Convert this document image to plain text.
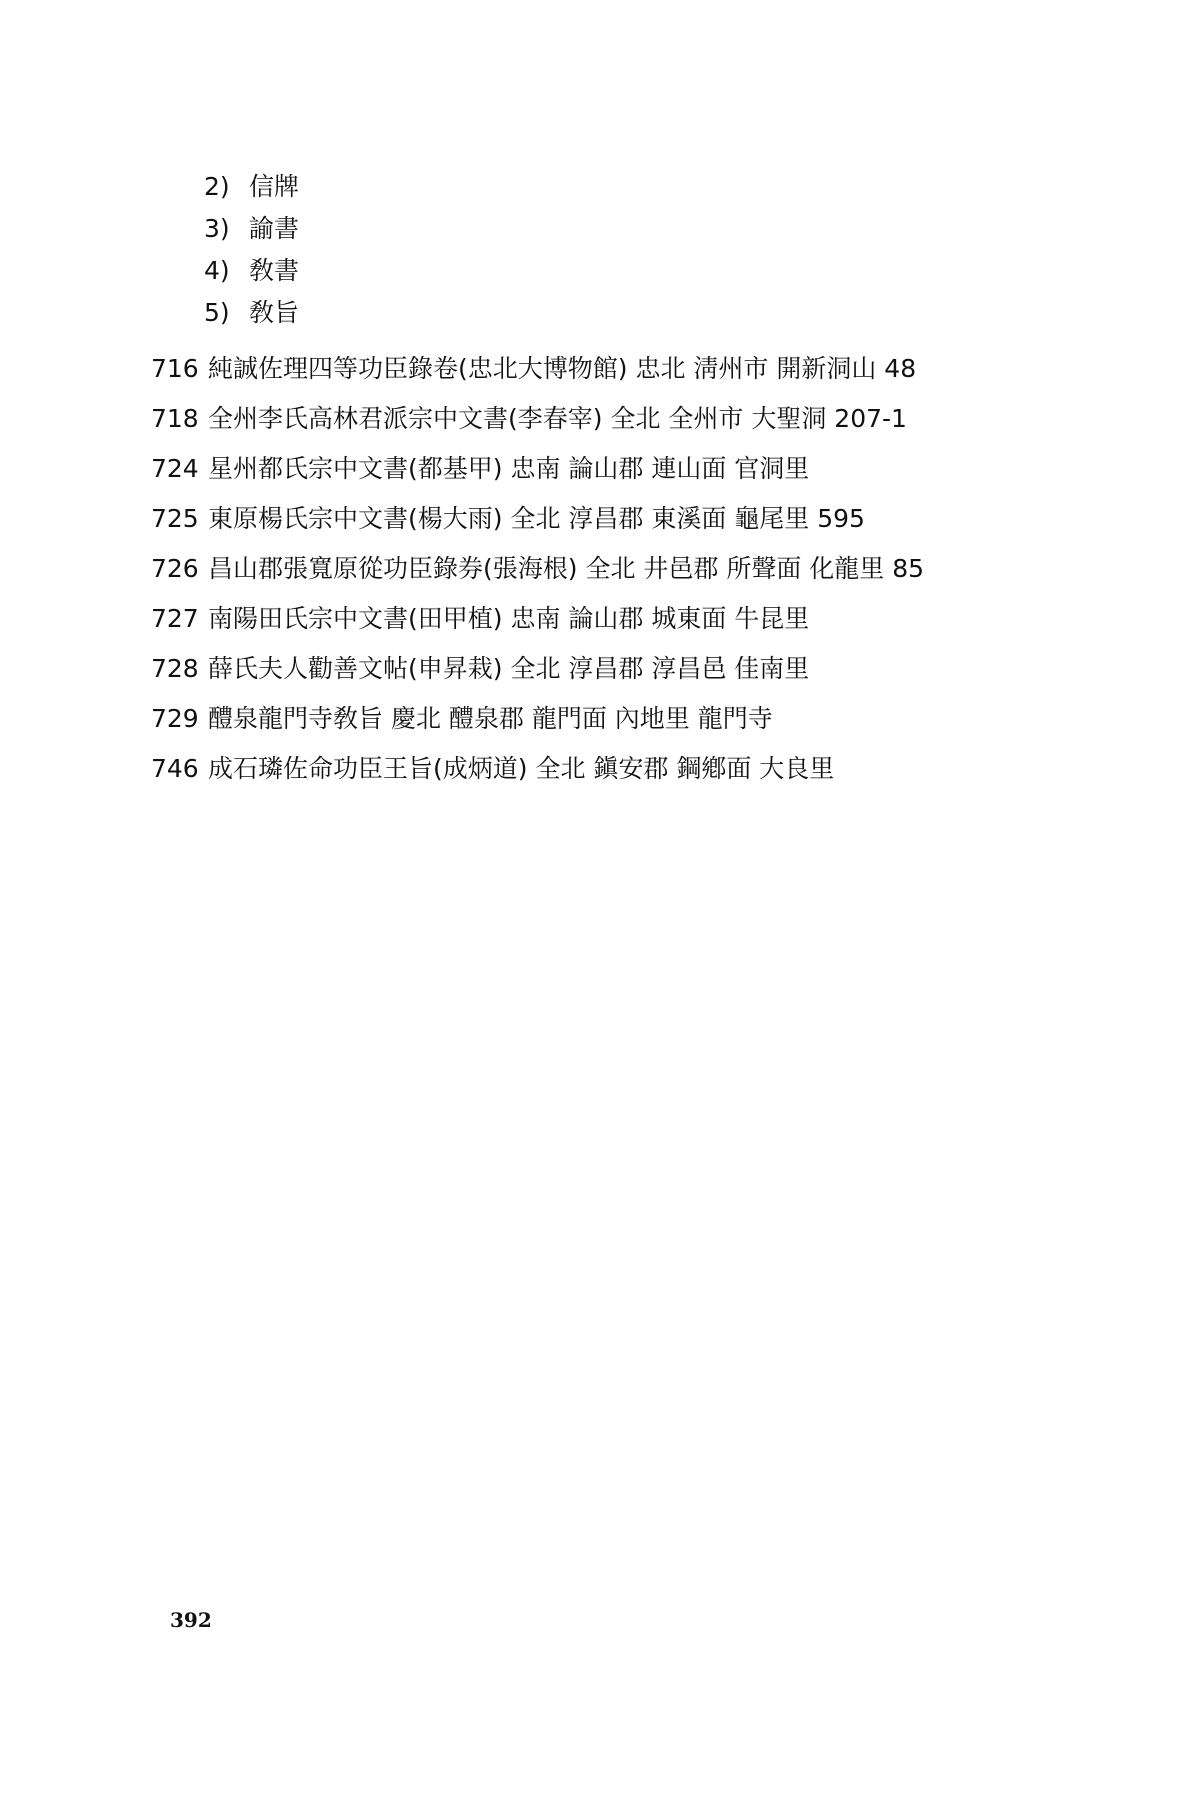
2) 信牌
3) 諭書
4) 敎書
5) 敎旨
716 純誠佐理四等功臣錄卷(忠北大博物館) 忠北 淸州市 開新洞山 48
718 全州李氏高林君派宗中文書(李春宰) 全北 全州市 大聖洞 207-1
724 星州都氏宗中文書(都基甲) 忠南 論山郡 連山面 官洞里
725 東原楊氏宗中文書(楊大雨) 全北 淳昌郡 東溪面 龜尾里 595
726 昌山郡張寬原從功臣錄券(張海根) 全北 井邑郡 所聲面 化龍里 85
727 南陽田氏宗中文書(田甲植) 忠南 論山郡 城東面 牛昆里
728 薛氏夫人勸善文帖(申昇栽) 全北 淳昌郡 淳昌邑 佳南里
729 醴泉龍門寺敎旨 慶北 醴泉郡 龍門面 內地里 龍門寺
746 成石璘佐命功臣王旨(成炳道) 全北 鎭安郡 鋼鄕面 大良里
392
